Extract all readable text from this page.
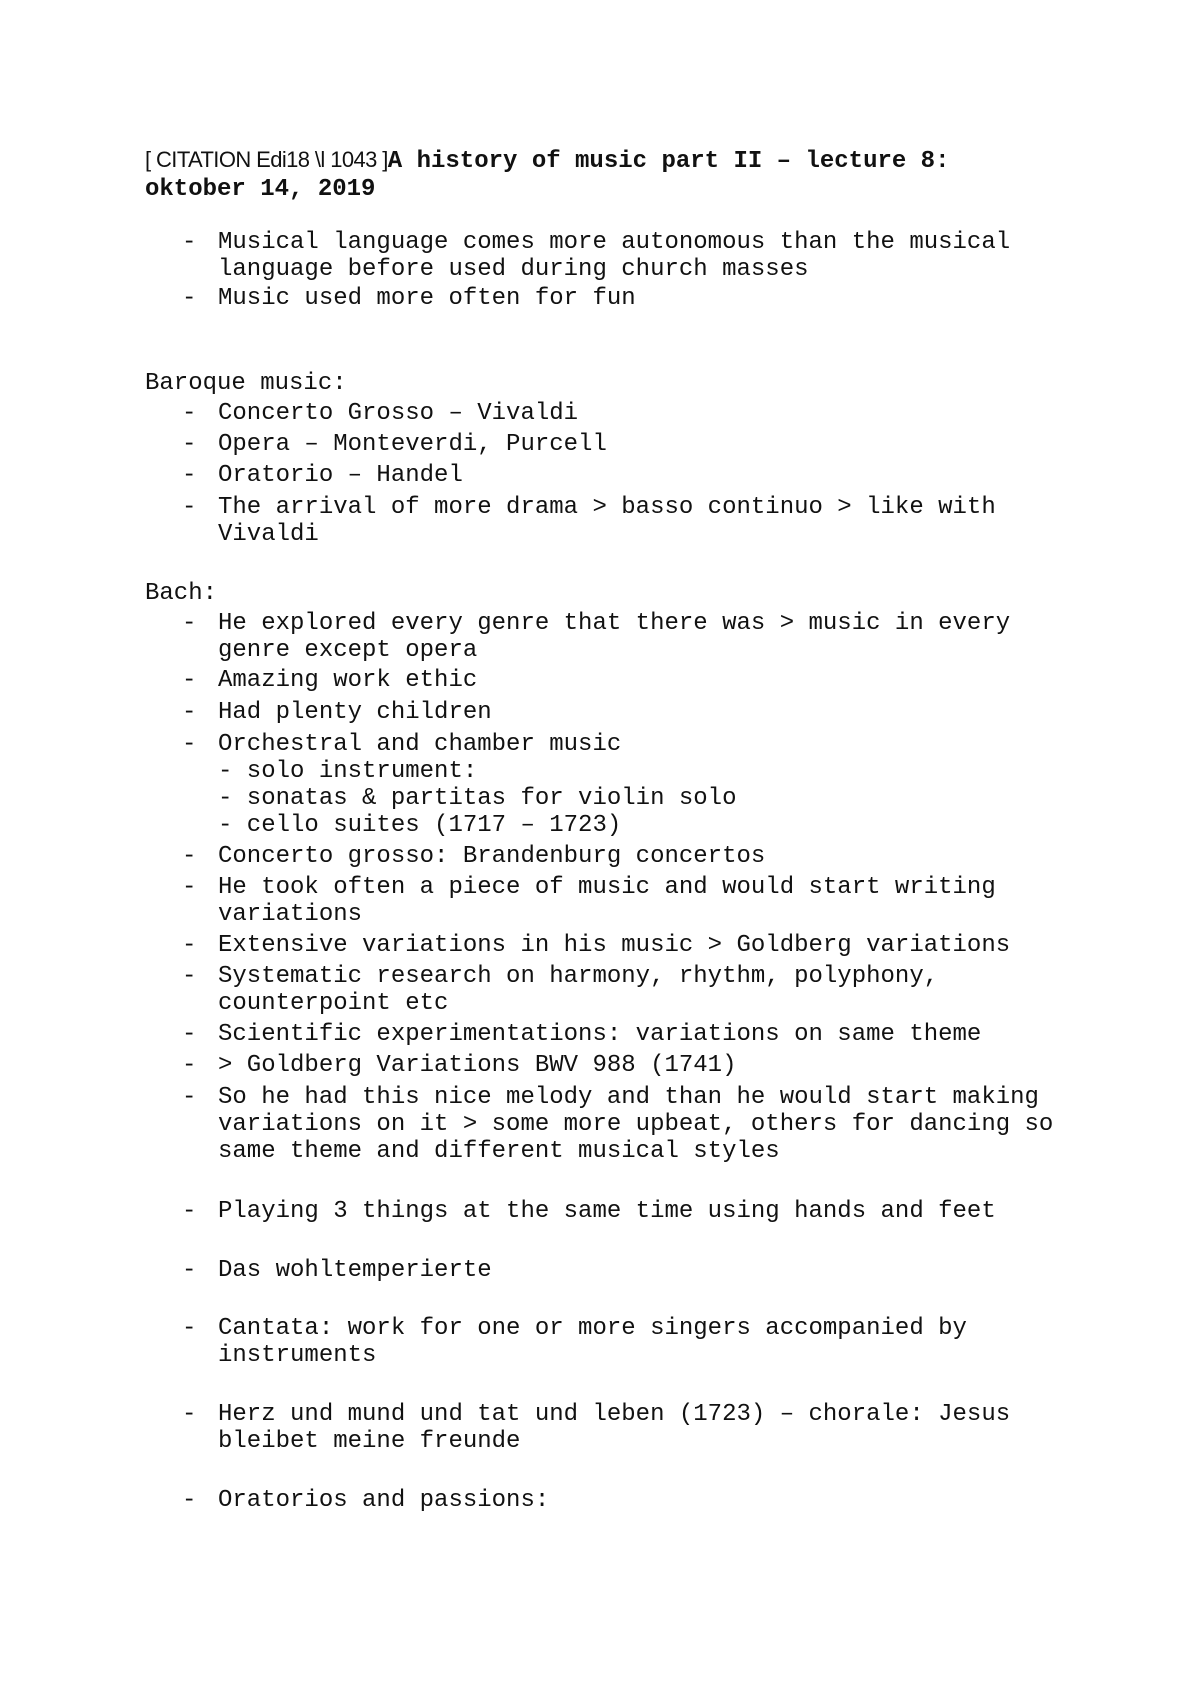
[ CITATION Edi18 \l 1043 ]A history of music part II – lecture 8:
oktober 14, 2019
- Musical language comes more autonomous than the musical
language before used during church masses
- Music used more often for fun
Baroque music:
- Concerto Grosso – Vivaldi
- Opera – Monteverdi, Purcell
- Oratorio – Handel
- The arrival of more drama > basso continuo > like with
Vivaldi
Bach:
- He explored every genre that there was > music in every
genre except opera
- Amazing work ethic
- Had plenty children
- Orchestral and chamber music
- solo instrument:
- sonatas & partitas for violin solo
- cello suites (1717 – 1723)
- Concerto grosso: Brandenburg concertos
- He took often a piece of music and would start writing
variations
- Extensive variations in his music > Goldberg variations
- Systematic research on harmony, rhythm, polyphony,
counterpoint etc
- Scientific experimentations: variations on same theme
- > Goldberg Variations BWV 988 (1741)
- So he had this nice melody and than he would start making
variations on it > some more upbeat, others for dancing so
same theme and different musical styles
- Playing 3 things at the same time using hands and feet
- Das wohltemperierte
- Cantata: work for one or more singers accompanied by
instruments
- Herz und mund und tat und leben (1723) – chorale: Jesus
bleibet meine freunde
- Oratorios and passions:
